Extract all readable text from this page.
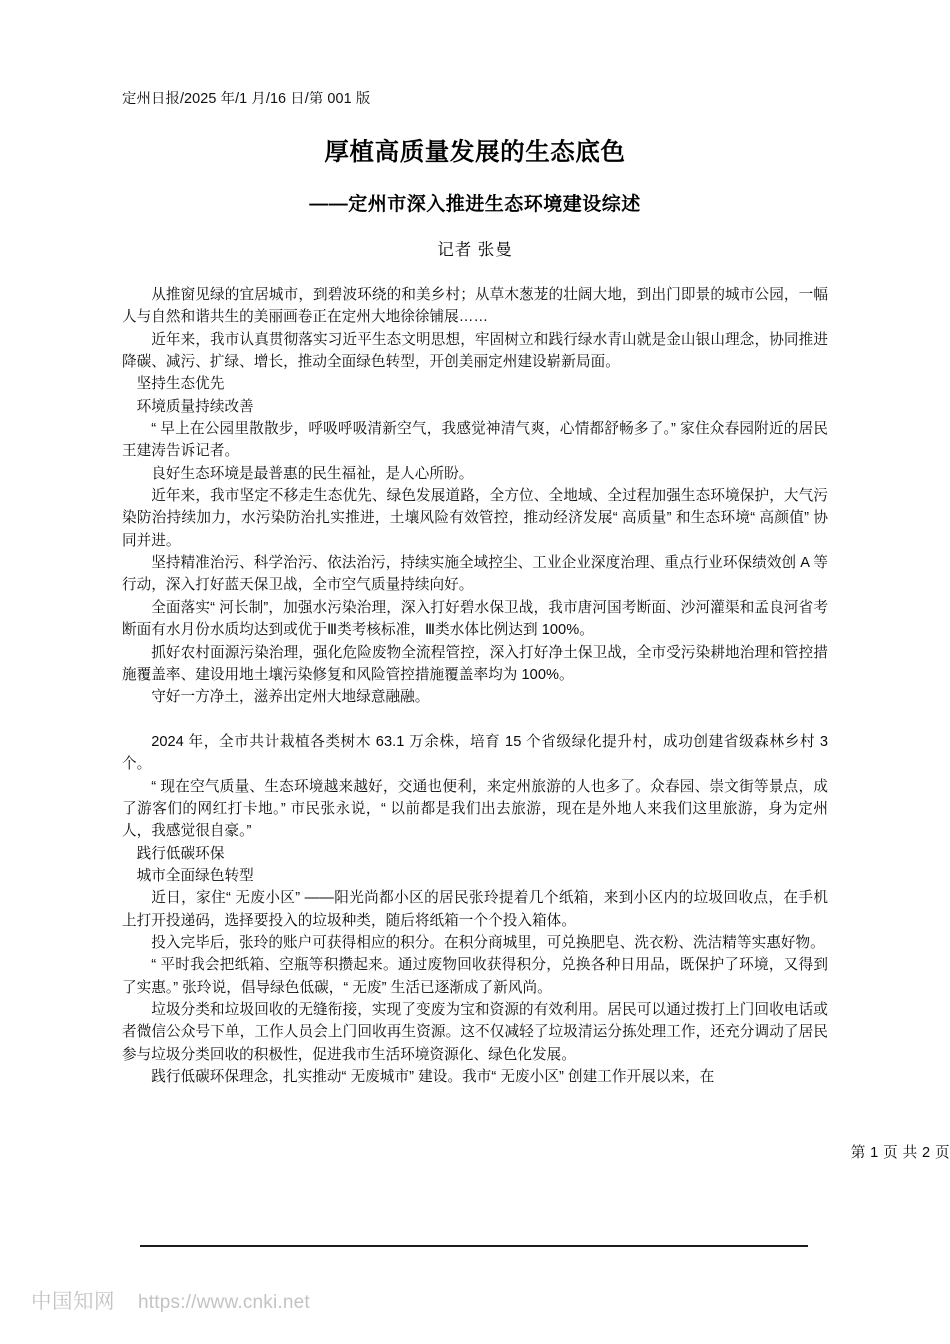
定州日报/2025 年/1 月/16 日/第 001 版
厚植高质量发展的生态底色
——定州市深入推进生态环境建设综述
记者 张曼

从推窗见绿的宜居城市，到碧波环绕的和美乡村；从草木葱茏的壮阔大地，到出门即景的城市公园，一幅人与自然和谐共生的美丽画卷正在定州大地徐徐铺展……

近年来，我市认真贯彻落实习近平生态文明思想，牢固树立和践行绿水青山就是金山银山理念，协同推进降碳、减污、扩绿、增长，推动全面绿色转型，开创美丽定州建设崭新局面。

坚持生态优先

环境质量持续改善

“ 早上在公园里散散步，呼吸呼吸清新空气，我感觉神清气爽，心情都舒畅多了。” 家住众春园附近的居民王建涛告诉记者。

良好生态环境是最普惠的民生福祉，是人心所盼。

近年来，我市坚定不移走生态优先、绿色发展道路，全方位、全地域、全过程加强生态环境保护，大气污染防治持续加力，水污染防治扎实推进，土壤风险有效管控，推动经济发展“ 高质量” 和生态环境“ 高颜值” 协同并进。

坚持精准治污、科学治污、依法治污，持续实施全域控尘、工业企业深度治理、重点行业环保绩效创 A 等行动，深入打好蓝天保卫战，全市空气质量持续向好。

全面落实“ 河长制”，加强水污染治理，深入打好碧水保卫战，我市唐河国考断面、沙河灌渠和孟良河省考断面有水月份水质均达到或优于Ⅲ类考核标准，Ⅲ类水体比例达到 100%。

抓好农村面源污染治理，强化危险废物全流程管控，深入打好净土保卫战，全市受污染耕地治理和管控措施覆盖率、建设用地土壤污染修复和风险管控措施覆盖率均为 100%。

守好一方净土，滋养出定州大地绿意融融。

2024 年，全市共计栽植各类树木 63.1 万余株，培育 15 个省级绿化提升村，成功创建省级森林乡村 3 个。

“ 现在空气质量、生态环境越来越好，交通也便利，来定州旅游的人也多了。众春园、崇文街等景点，成了游客们的网红打卡地。” 市民张永说，“ 以前都是我们出去旅游，现在是外地人来我们这里旅游，身为定州人，我感觉很自豪。”

践行低碳环保

城市全面绿色转型

近日，家住“ 无废小区” ——阳光尚都小区的居民张玲提着几个纸箱，来到小区内的垃圾回收点，在手机上打开投递码，选择要投入的垃圾种类，随后将纸箱一个个投入箱体。

投入完毕后，张玲的账户可获得相应的积分。在积分商城里，可兑换肥皂、洗衣粉、洗洁精等实惠好物。

“ 平时我会把纸箱、空瓶等积攒起来。通过废物回收获得积分，兑换各种日用品，既保护了环境，又得到了实惠。” 张玲说，倡导绿色低碳，“ 无废” 生活已逐渐成了新风尚。

垃圾分类和垃圾回收的无缝衔接，实现了变废为宝和资源的有效利用。居民可以通过拨打上门回收电话或者微信公众号下单，工作人员会上门回收再生资源。这不仅减轻了垃圾清运分拣处理工作，还充分调动了居民参与垃圾分类回收的积极性，促进我市生活环境资源化、绿色化发展。

践行低碳环保理念，扎实推动“ 无废城市” 建设。我市“ 无废小区” 创建工作开展以来，在

第 1 页 共 2 页
中国知网 https://www.cnki.net
